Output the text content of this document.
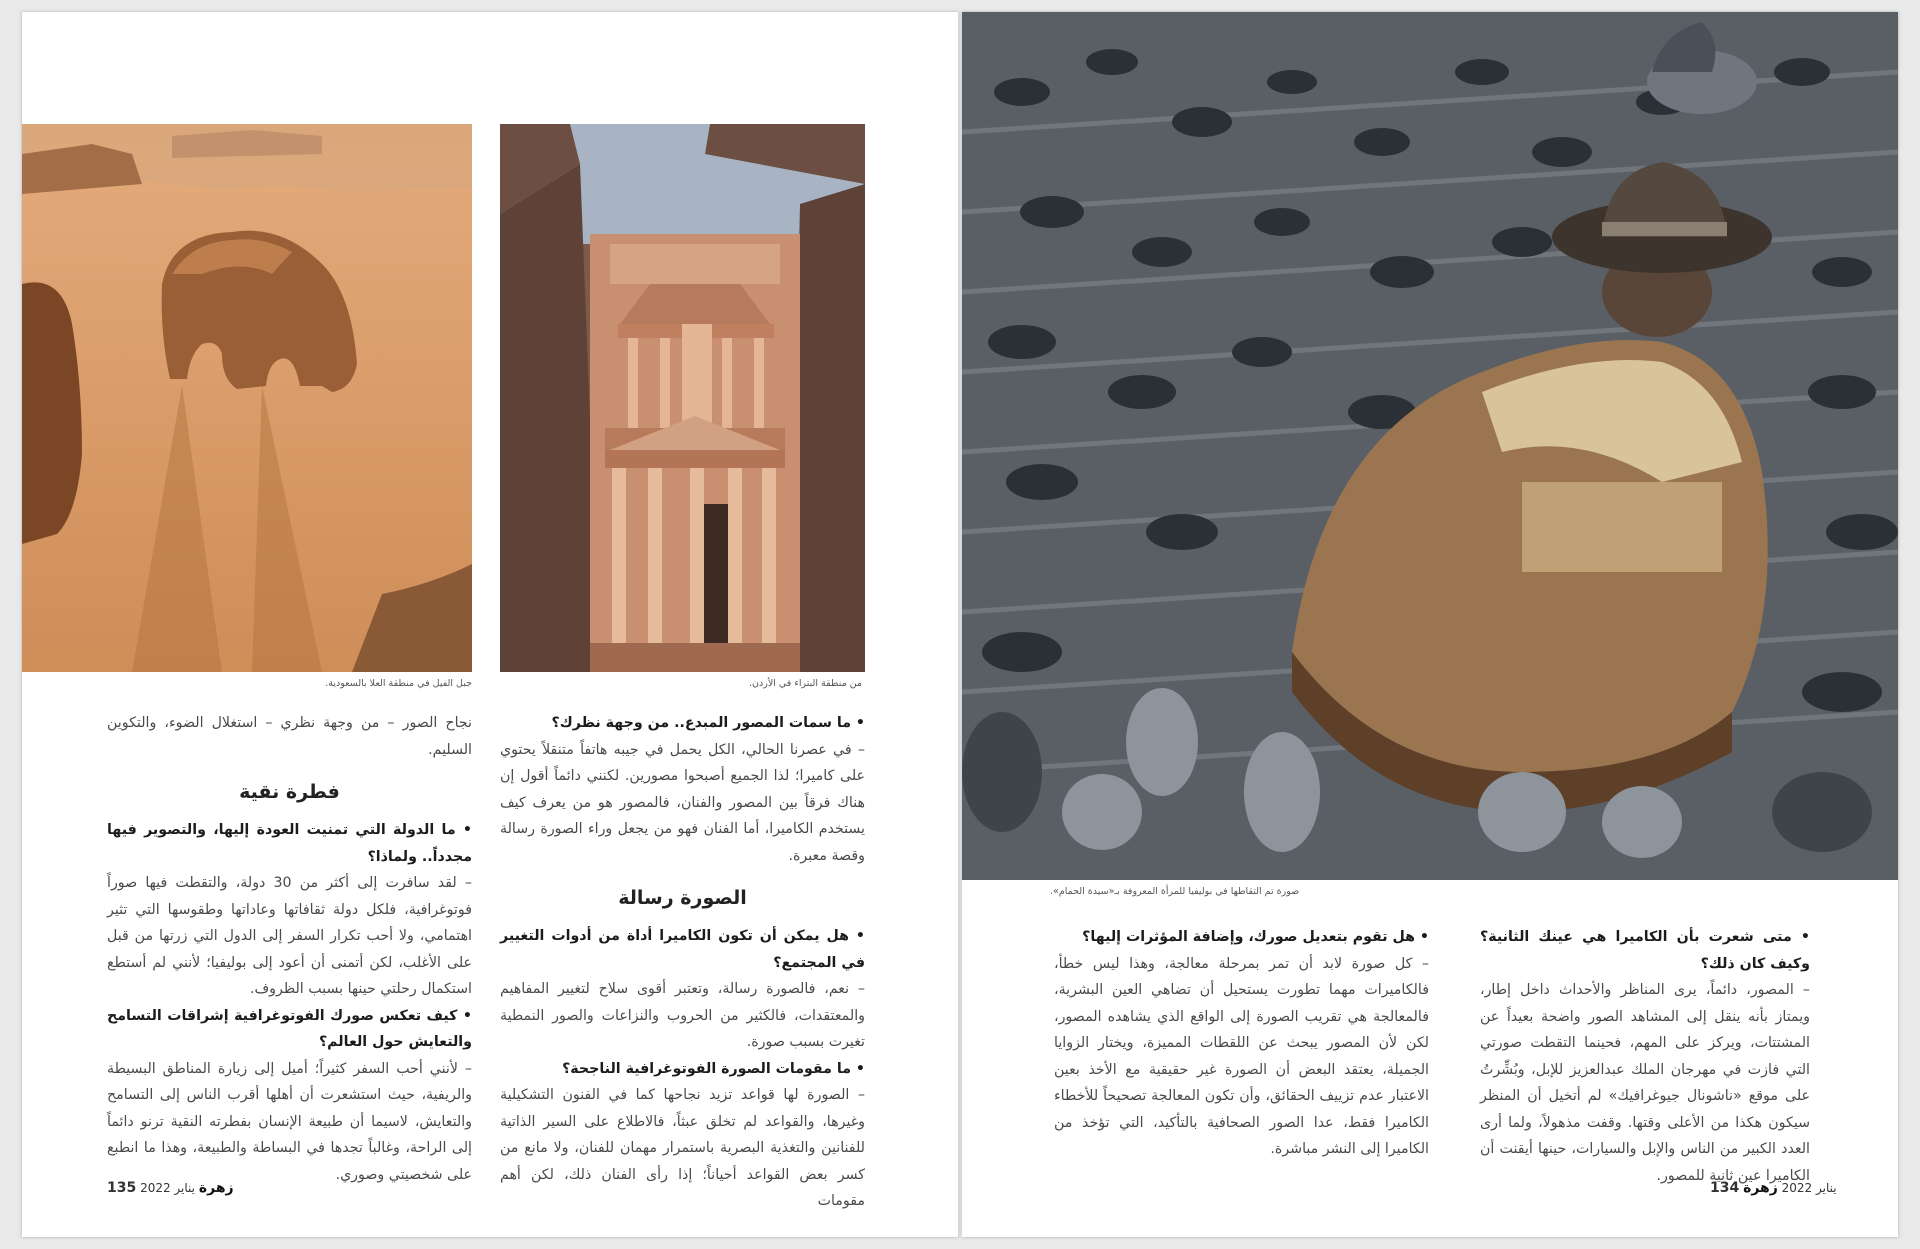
جبل الفيل في منطقة العلا بالسعودية.	من منطقة البتراء في الأردن.

• ما سمات المصور المبدع.. من وجهة نظرك؟

– في عصرنا الحالي، الكل يحمل في جيبه هاتفاً متنقلاً يحتوي على كاميرا؛ لذا الجميع أصبحوا مصورين. لكنني دائماً أقول إن هناك فرقاً بين المصور والفنان، فالمصور هو من يعرف كيف يستخدم الكاميرا، أما الفنان فهو من يجعل وراء الصورة رسالة وقصة معبرة.

الصورة رسالة

• هل يمكن أن تكون الكاميرا أداة من أدوات التغيير في المجتمع؟

– نعم، فالصورة رسالة، وتعتبر أقوى سلاح لتغيير المفاهيم والمعتقدات، فالكثير من الحروب والنزاعات والصور النمطية تغيرت بسبب صورة.

• ما مقومات الصورة الفوتوغرافية الناجحة؟

– الصورة لها قواعد تزيد نجاحها كما في الفنون التشكيلية وغيرها، والقواعد لم تخلق عبثاً، فالاطلاع على السير الذاتية للفنانين والتغذية البصرية باستمرار مهمان للفنان، ولا مانع من كسر بعض القواعد أحياناً؛ إذا رأى الفنان ذلك، لكن أهم مقومات

نجاح الصور – من وجهة نظري – استغلال الضوء، والتكوين السليم.

فطرة نقية

• ما الدولة التي تمنيت العودة إليها، والتصوير فيها مجدداً.. ولماذا؟

– لقد سافرت إلى أكثر من 30 دولة، والتقطت فيها صوراً فوتوغرافية، فلكل دولة ثقافاتها وعاداتها وطقوسها التي تثير اهتمامي، ولا أحب تكرار السفر إلى الدول التي زرتها من قبل على الأغلب، لكن أتمنى أن أعود إلى بوليفيا؛ لأنني لم أستطع استكمال رحلتي حينها بسبب الظروف.

• كيف تعكس صورك الفوتوغرافية إشراقات التسامح والتعايش حول العالم؟

– لأنني أحب السفر كثيراً؛ أميل إلى زيارة المناطق البسيطة والريفية، حيث استشعرت أن أهلها أقرب الناس إلى التسامح والتعايش، لاسيما أن طبيعة الإنسان بفطرته النقية ترنو دائماً إلى الراحة، وغالباً تجدها في البساطة والطبيعة، وهذا ما انطبع على شخصيتي وصوري.

135	زهرة يناير 2022
صورة تم التقاطها في بوليفيا للمرأة المعروفة بـ«سيدة الحمام».

• متى شعرت بأن الكاميرا هي عينك الثانية؟ وكيف كان ذلك؟

– المصور، دائماً، يرى المناظر والأحداث داخل إطار، ويمتاز بأنه ينقل إلى المشاهد الصور واضحة بعيداً عن المشتتات، ويركز على المهم، فحينما التقطت صورتي التي فازت في مهرجان الملك عبدالعزيز للإبل، وبُشِّرتُ على موقع «ناشونال جيوغرافيك» لم أتخيل أن المنظر سيكون هكذا من الأعلى وقتها. وقفت مذهولاً، ولما أرى العدد الكبير من الناس والإبل والسيارات، حينها أيقنت أن الكاميرا عين ثانية للمصور.

• هل تقوم بتعديل صورك، وإضافة المؤثرات إليها؟

– كل صورة لابد أن تمر بمرحلة معالجة، وهذا ليس خطأ، فالكاميرات مهما تطورت يستحيل أن تضاهي العين البشرية، فالمعالجة هي تقريب الصورة إلى الواقع الذي يشاهده المصور، لكن لأن المصور يبحث عن اللقطات المميزة، ويختار الزوايا الجميلة، يعتقد البعض أن الصورة غير حقيقية مع الأخذ بعين الاعتبار عدم تزييف الحقائق، وأن تكون المعالجة تصحيحاً للأخطاء الكاميرا فقط، عدا الصور الصحافية بالتأكيد، التي تؤخذ من الكاميرا إلى النشر مباشرة.

يناير 2022 زهرة 134
